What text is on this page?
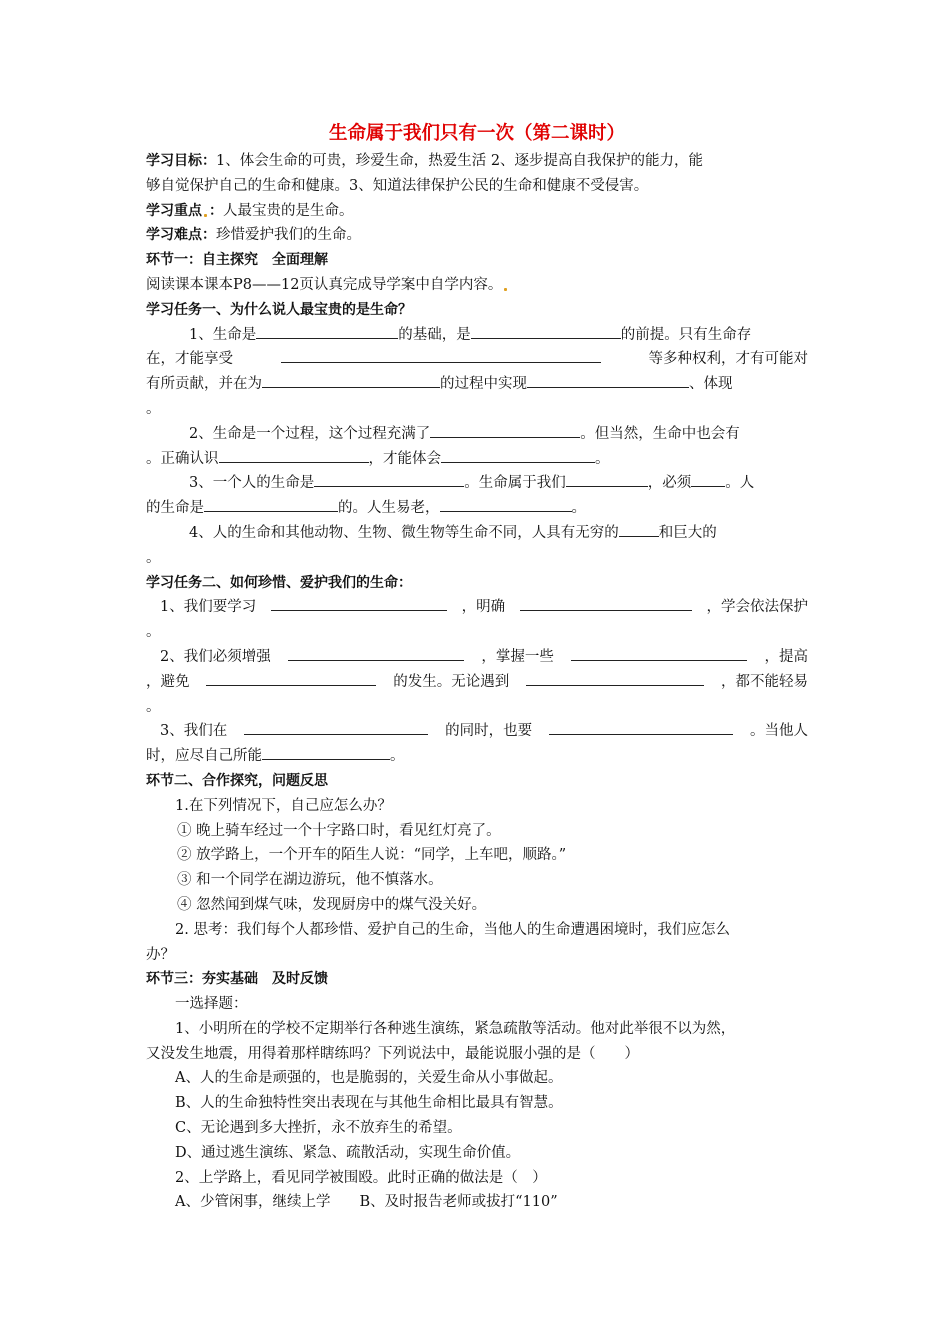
生命属于我们只有一次（第二课时）
学习目标：1、体会生命的可贵，珍爱生命，热爱生活 2、逐步提高自我保护的能力，能
够自觉保护自己的生命和健康。3、知道法律保护公民的生命和健康不受侵害。
学习重点 ：人最宝贵的是生命。
学习难点：珍惜爱护我们的生命。
环节一：自主探究　全面理解
阅读课本课本P8——12页认真完成导学案中自学内容。
学习任务一、为什么说人最宝贵的是生命？
1、生命是	的基础，是	的前提。只有生命存
在，才能享受	等多种权利，才有可能对
有所贡献，并在为	的过程中实现	、体现
。
2、生命是一个过程，这个过程充满了	。但当然，生命中也会有
。正确认识	，才能体会	。
3、一个人的生命是	。生命属于我们	，必须 。人
的生命是	的。人生易老，	。
4、人的生命和其他动物、生物、微生物等生命不同，人具有无穷的	和巨大的
。
学习任务二、如何珍惜、爱护我们的生命：
1、我们要学习	，明确	，学会依法保护
。
2、我们必须增强	，掌握一些	，提高
，避免	的发生。无论遇到	，都不能轻易
。
3、我们在	的同时，也要	。当他人
时，应尽自己所能	。
环节二、合作探究，问题反思
1.在下列情况下，自己应怎么办？
① 晚上骑车经过一个十字路口时，看见红灯亮了。
② 放学路上，一个开车的陌生人说：“同学，上车吧，顺路。”
③ 和一个同学在湖边游玩，他不慎落水。
④ 忽然闻到煤气味，发现厨房中的煤气没关好。
2. 思考：我们每个人都珍惜、爱护自己的生命，当他人的生命遭遇困境时，我们应怎么
办？
环节三：夯实基础　及时反馈
一选择题：
1、小明所在的学校不定期举行各种逃生演练，紧急疏散等活动。他对此举很不以为然，
又没发生地震，用得着那样瞎练吗？下列说法中，最能说服小强的是（　　）
A、人的生命是顽强的，也是脆弱的，关爱生命从小事做起。
B、人的生命独特性突出表现在与其他生命相比最具有智慧。
C、无论遇到多大挫折，永不放弃生的希望。
D、通过逃生演练、紧急、疏散活动，实现生命价值。
2、上学路上，看见同学被围殴。此时正确的做法是（　）
A、少管闲事，继续上学　　B、及时报告老师或拔打“110”
